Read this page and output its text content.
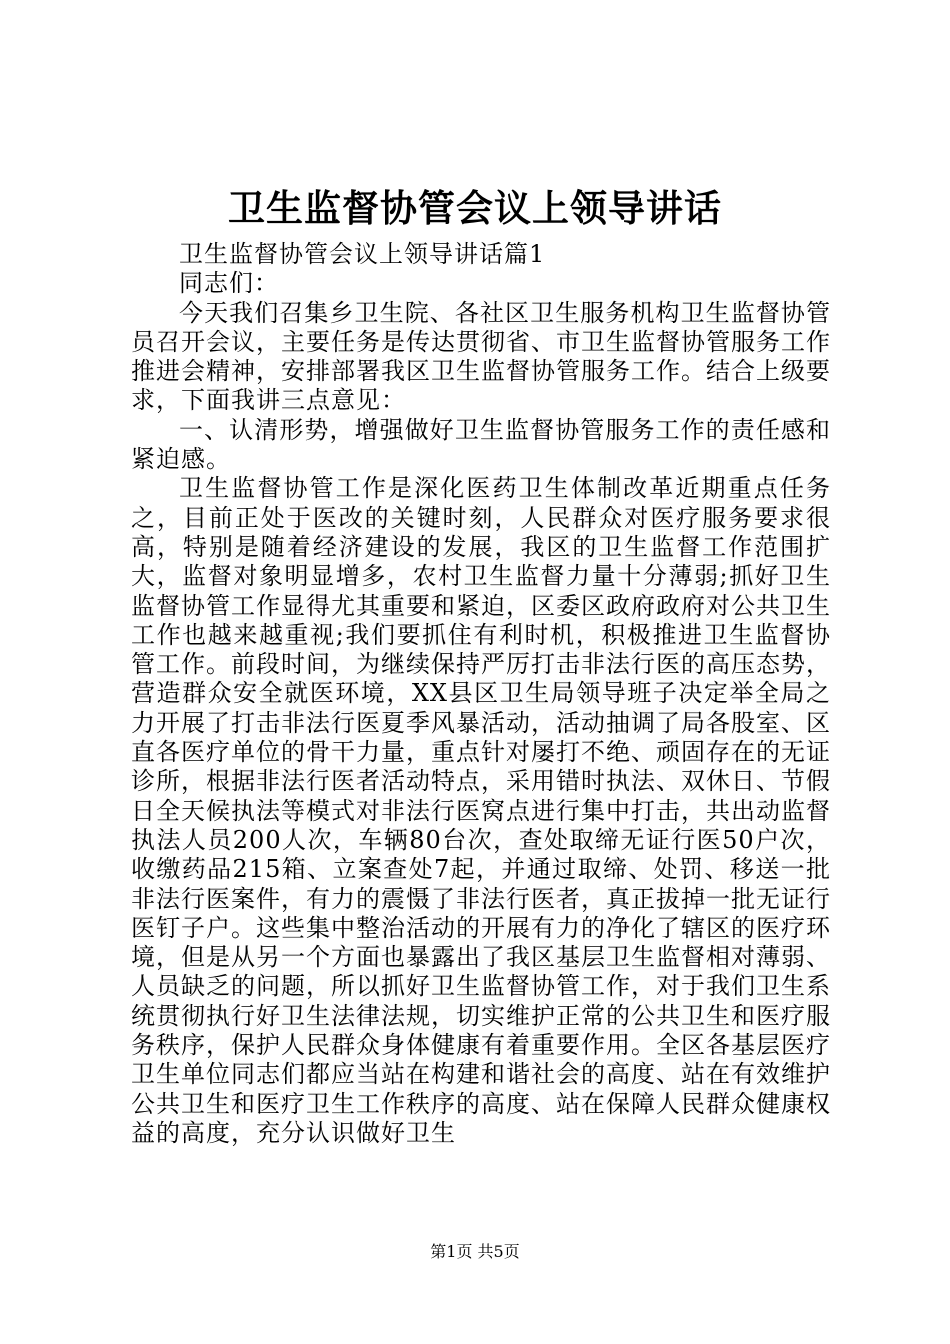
卫生监督协管会议上领导讲话

卫生监督协管会议上领导讲话篇1

同志们：

今天我们召集乡卫生院、各社区卫生服务机构卫生监督协管员召开会议，主要任务是传达贯彻省、市卫生监督协管服务工作推进会精神，安排部署我区卫生监督协管服务工作。结合上级要求，下面我讲三点意见：

一、认清形势，增强做好卫生监督协管服务工作的责任感和紧迫感。

卫生监督协管工作是深化医药卫生体制改革近期重点任务之，目前正处于医改的关键时刻，人民群众对医疗服务要求很高，特别是随着经济建设的发展，我区的卫生监督工作范围扩大，监督对象明显增多，农村卫生监督力量十分薄弱;抓好卫生监督协管工作显得尤其重要和紧迫，区委区政府政府对公共卫生工作也越来越重视;我们要抓住有利时机，积极推进卫生监督协管工作。前段时间，为继续保持严厉打击非法行医的高压态势，营造群众安全就医环境，XX县区卫生局领导班子决定举全局之力开展了打击非法行医夏季风暴活动，活动抽调了局各股室、区直各医疗单位的骨干力量，重点针对屡打不绝、顽固存在的无证诊所，根据非法行医者活动特点，采用错时执法、双休日、节假日全天候执法等模式对非法行医窝点进行集中打击，共出动监督执法人员200人次，车辆80台次，查处取缔无证行医50户次，收缴药品215箱、立案查处7起，并通过取缔、处罚、移送一批非法行医案件，有力的震慑了非法行医者，真正拔掉一批无证行医钉子户。这些集中整治活动的开展有力的净化了辖区的医疗环境，但是从另一个方面也暴露出了我区基层卫生监督相对薄弱、人员缺乏的问题，所以抓好卫生监督协管工作，对于我们卫生系统贯彻执行好卫生法律法规，切实维护正常的公共卫生和医疗服务秩序，保护人民群众身体健康有着重要作用。全区各基层医疗卫生单位同志们都应当站在构建和谐社会的高度、站在有效维护公共卫生和医疗卫生工作秩序的高度、站在保障人民群众健康权益的高度，充分认识做好卫生

第1页 共5页
